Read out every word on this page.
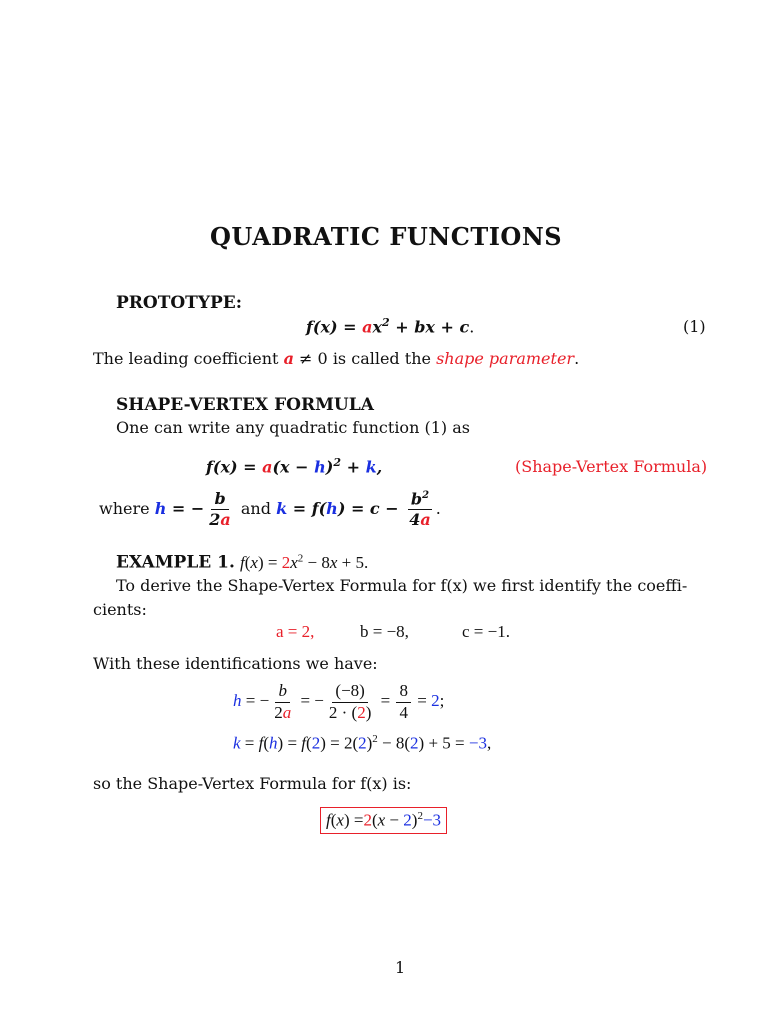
QUADRATIC FUNCTIONS
PROTOTYPE:
$f(x) = ax^2$ + bx + c.	(1)
The leading coefficient a ≠ 0 is called the shape parameter.
SHAPE-VERTEX FORMULA
One can write any quadratic function (1) as
$f(x) = a(x - h)^2 + k$,	(Shape-Vertex Formula)
where h = − $\frac{b}{2a}$ and $k = f(h) = c - \frac{b^2}{4a}$ .
EXAMPLE 1. $f(x) = 2x^2 - 8x + 5$.
To derive the Shape-Vertex Formula for f(x) we first identify the coeffi-
cients:
a = 2,	b = −8,	c = −1.
With these identifications we have:
h = − $\frac{b}{2a}$ = − $\frac{(-8)}{2 \cdot (2)} = \frac{8}{4} = 2$;
$k = f(h) = f(2) = 2(2)^2 - 8(2) + 5 = -3$,
so the Shape-Vertex Formula for f(x) is:
$f(x) =2(x - 2)^2-3$
1
